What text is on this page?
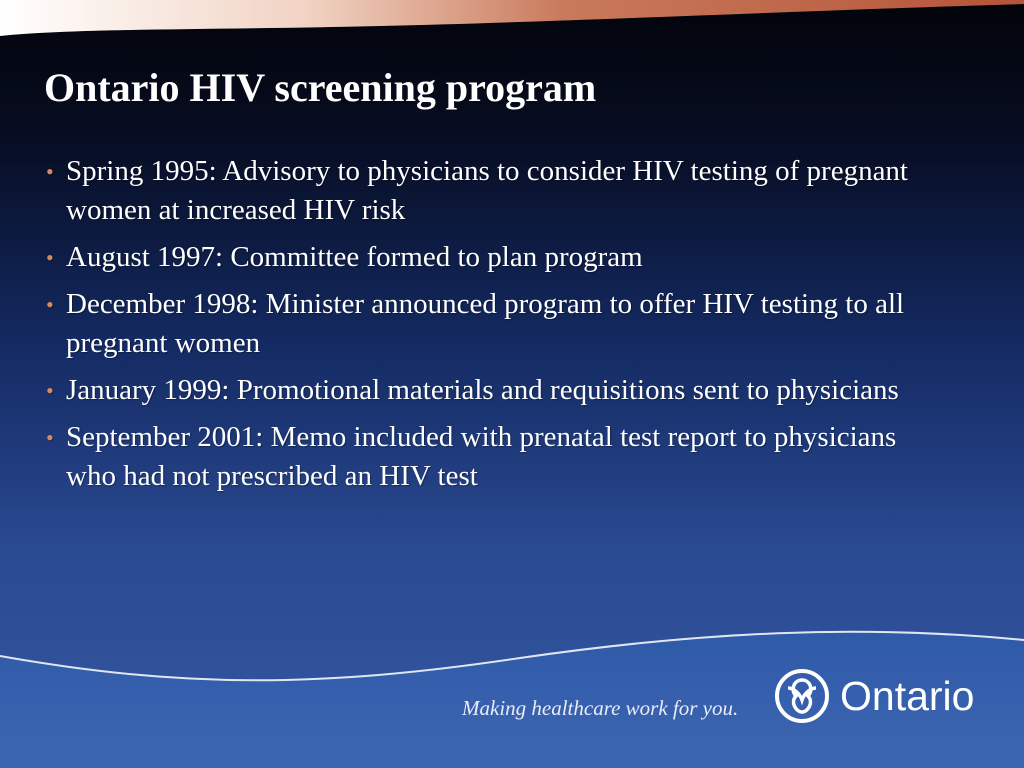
Ontario HIV screening program
• Spring 1995: Advisory to physicians to consider HIV testing of pregnant women at increased HIV risk
• August 1997: Committee formed to plan program
• December 1998: Minister announced program to offer HIV testing to all pregnant women
• January 1999: Promotional materials and requisitions sent to physicians
• September 2001: Memo included with prenatal test report to physicians who had not prescribed an HIV test
Making healthcare work for you. Ontario
